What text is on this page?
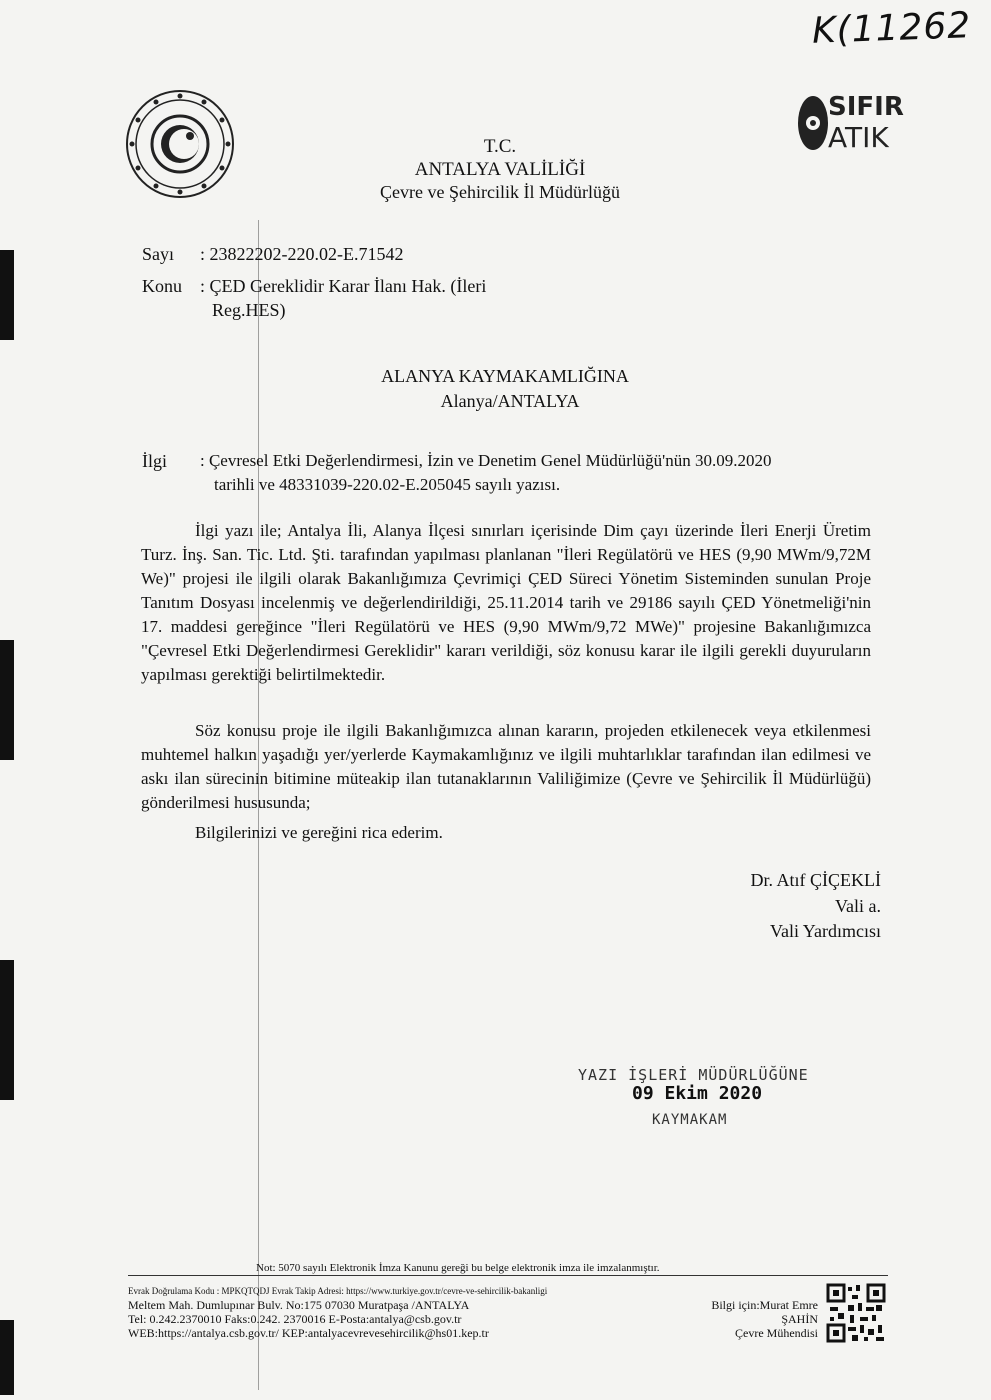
K(11262
SIFIR
ATIK
T.C.
ANTALYA VALİLİĞİ
Çevre ve Şehircilik İl Müdürlüğü
Sayı : 23822202-220.02-E.71542
Konu : ÇED Gereklidir Karar İlanı Hak. (İleri
Reg.HES)
ALANYA KAYMAKAMLIĞINA
Alanya/ANTALYA
İlgi : Çevresel Etki Değerlendirmesi, İzin ve Denetim Genel Müdürlüğü'nün 30.09.2020
tarihli ve 48331039-220.02-E.205045 sayılı yazısı.
İlgi yazı ile; Antalya İli, Alanya İlçesi sınırları içerisinde Dim çayı üzerinde İleri Enerji Üretim Turz. İnş. San. Tic. Ltd. Şti. tarafından yapılması planlanan "İleri Regülatörü ve HES (9,90 MWm/9,72M We)" projesi ile ilgili olarak Bakanlığımıza Çevrimiçi ÇED Süreci Yönetim Sisteminden sunulan Proje Tanıtım Dosyası incelenmiş ve değerlendirildiği, 25.11.2014 tarih ve 29186 sayılı ÇED Yönetmeliği'nin 17. maddesi gereğince "İleri Regülatörü ve HES (9,90 MWm/9,72 MWe)" projesine Bakanlığımızca "Çevresel Etki Değerlendirmesi Gereklidir" kararı verildiği, söz konusu karar ile ilgili gerekli duyuruların yapılması gerektiği belirtilmektedir.
Söz konusu proje ile ilgili Bakanlığımızca alınan kararın, projeden etkilenecek veya etkilenmesi muhtemel halkın yaşadığı yer/yerlerde Kaymakamlığınız ve ilgili muhtarlıklar tarafından ilan edilmesi ve askı ilan sürecinin bitimine müteakip ilan tutanaklarının Valiliğimize (Çevre ve Şehircilik İl Müdürlüğü) gönderilmesi hususunda;
Bilgilerinizi ve gereğini rica ederim.
Dr. Atıf ÇİÇEKLİ
Vali a.
Vali Yardımcısı
YAZI İŞLERİ MÜDÜRLÜĞÜNE
09 Ekim 2020
KAYMAKAM
Not: 5070 sayılı Elektronik İmza Kanunu gereği bu belge elektronik imza ile imzalanmıştır.
Evrak Doğrulama Kodu : MPKQTQDJ Evrak Takip Adresi: https://www.turkiye.gov.tr/cevre-ve-sehircilik-bakanligi
Meltem Mah. Dumlupınar Bulv. No:175 07030 Muratpaşa /ANTALYA
Tel: 0.242.2370010 Faks:0.242. 2370016 E-Posta:antalya@csb.gov.tr
WEB:https://antalya.csb.gov.tr/ KEP:antalyacevrevesehircilik@hs01.kep.tr
Bilgi için:Murat Emre
ŞAHİN
Çevre Mühendisi
